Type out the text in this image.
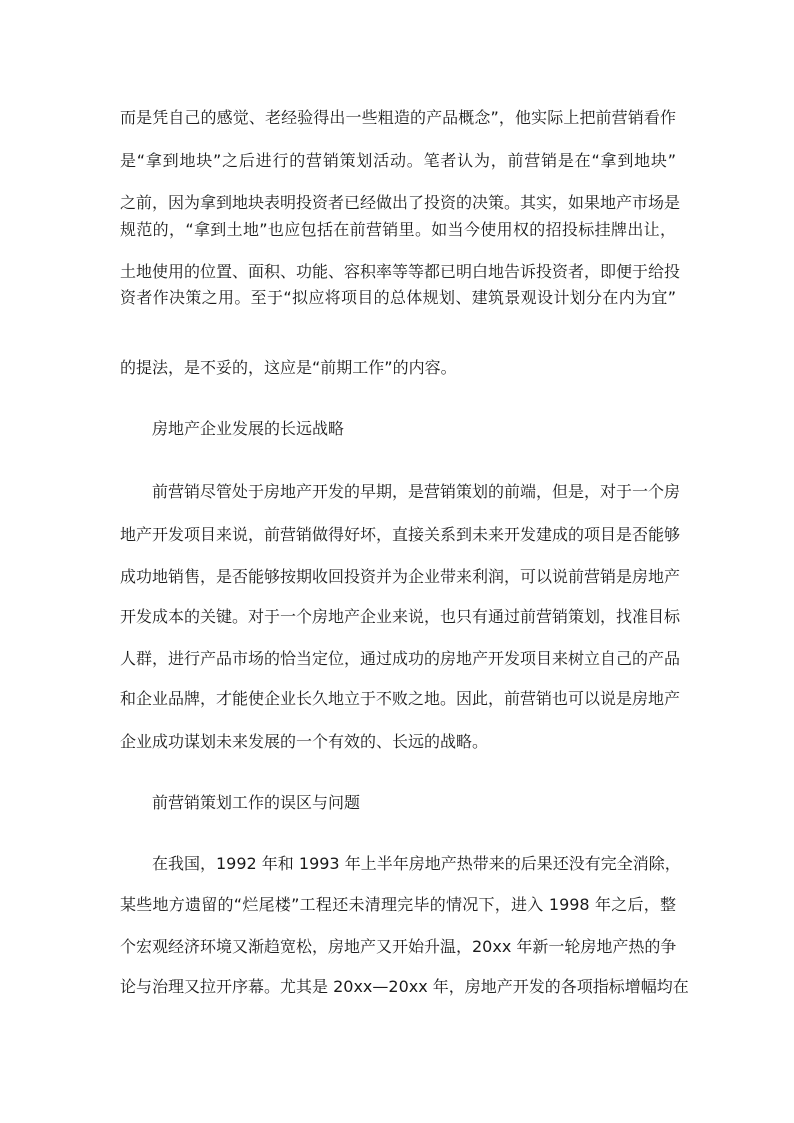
而是凭自己的感觉、老经验得出一些粗造的产品概念”，他实际上把前营销看作
是“拿到地块”之后进行的营销策划活动。笔者认为，前营销是在“拿到地块”
之前，因为拿到地块表明投资者已经做出了投资的决策。其实，如果地产市场是
规范的，“拿到土地”也应包括在前营销里。如当今使用权的招投标挂牌出让，
土地使用的位置、面积、功能、容积率等等都已明白地告诉投资者，即便于给投
资者作决策之用。至于“拟应将项目的总体规划、建筑景观设计划分在内为宜”
的提法，是不妥的，这应是“前期工作”的内容。
房地产企业发展的长远战略
前营销尽管处于房地产开发的早期，是营销策划的前端，但是，对于一个房
地产开发项目来说，前营销做得好坏，直接关系到未来开发建成的项目是否能够
成功地销售，是否能够按期收回投资并为企业带来利润，可以说前营销是房地产
开发成本的关键。对于一个房地产企业来说，也只有通过前营销策划，找准目标
人群，进行产品市场的恰当定位，通过成功的房地产开发项目来树立自己的产品
和企业品牌，才能使企业长久地立于不败之地。因此，前营销也可以说是房地产
企业成功谋划未来发展的一个有效的、长远的战略。
前营销策划工作的误区与问题
在我国，1992 年和 1993 年上半年房地产热带来的后果还没有完全消除，
某些地方遗留的“烂尾楼”工程还未清理完毕的情况下，进入 1998 年之后，整
个宏观经济环境又渐趋宽松，房地产又开始升温，20xx 年新一轮房地产热的争
论与治理又拉开序幕。尤其是 20xx—20xx 年，房地产开发的各项指标增幅均在
